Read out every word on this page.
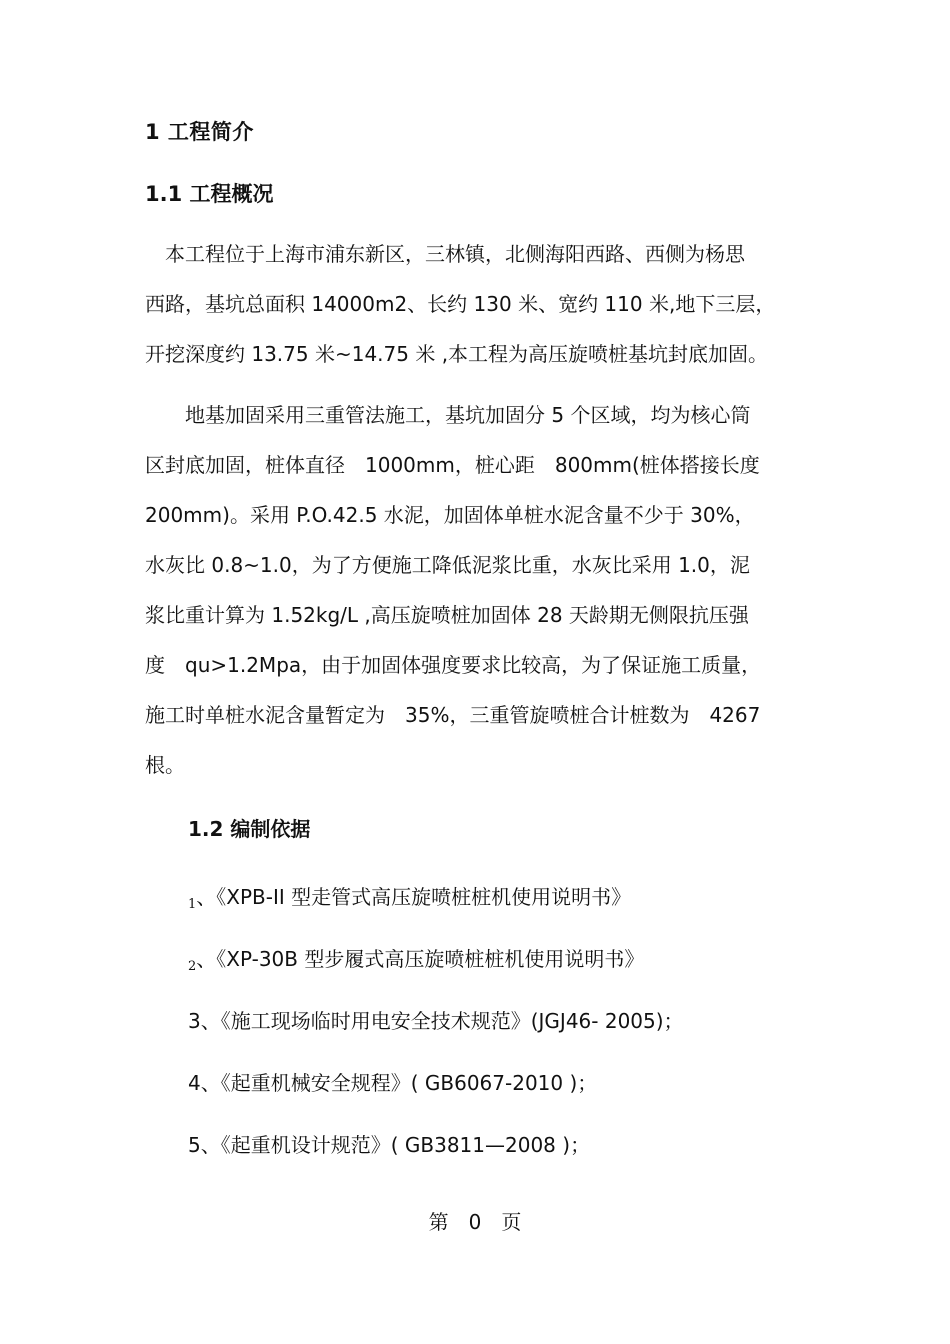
1 工程简介
1.1 工程概况
　本工程位于上海市浦东新区，三林镇，北侧海阳西路、西侧为杨思
西路，基坑总面积 14000m2、长约 130 米、宽约 110 米,地下三层，
开挖深度约 13.75 米~14.75 米 ,本工程为高压旋喷桩基坑封底加固。
　　地基加固采用三重管法施工，基坑加固分 5 个区域，均为核心筒
区封底加固，桩体直径　1000mm，桩心距　800mm(桩体搭接长度
200mm)。采用 P.O.42.5 水泥，加固体单桩水泥含量不少于 30%，
水灰比 0.8~1.0，为了方便施工降低泥浆比重，水灰比采用 1.0，泥
浆比重计算为 1.52kg/L ,高压旋喷桩加固体 28 天龄期无侧限抗压强
度　qu>1.2Mpa，由于加固体强度要求比较高，为了保证施工质量，
施工时单桩水泥含量暂定为　35%，三重管旋喷桩合计桩数为　4267
根。
1.2 编制依据
$_1$、《XPB-II 型走管式高压旋喷桩桩机使用说明书》
$_2$、《XP-30B 型步履式高压旋喷桩桩机使用说明书》
3、《施工现场临时用电安全技术规范》(JGJ46- 2005)；
4、《起重机械安全规程》( GB6067-2010 )；
5、《起重机设计规范》( GB3811—2008 )；
第　0　页
